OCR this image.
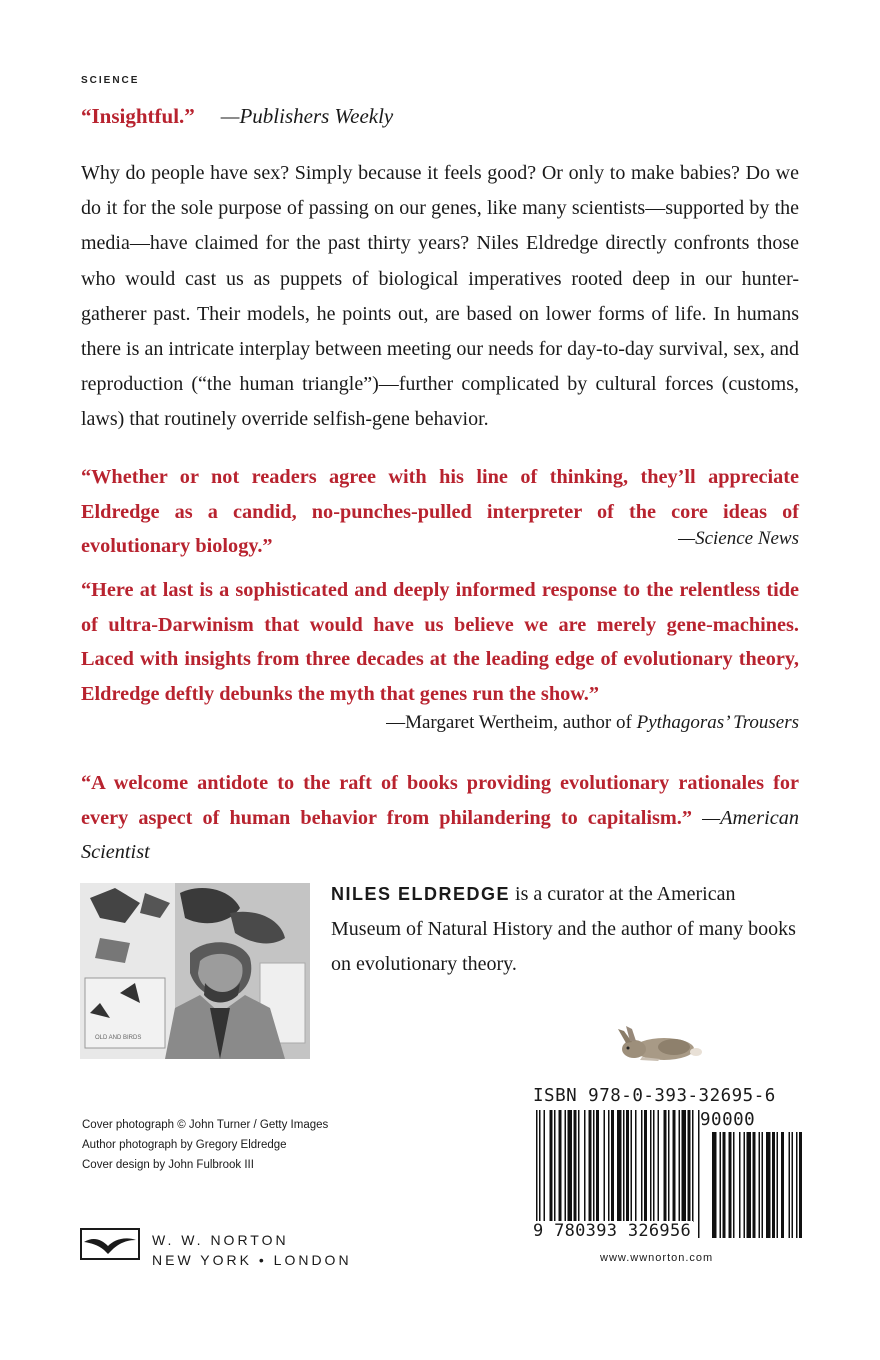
SCIENCE
“Insightful.” —Publishers Weekly

Why do people have sex? Simply because it feels good? Or only to make babies? Do we do it for the sole purpose of passing on our genes, like many scientists—supported by the media—have claimed for the past thirty years? Niles Eldredge directly confronts those who would cast us as puppets of biological imperatives rooted deep in our hunter-gatherer past. Their models, he points out, are based on lower forms of life. In humans there is an intricate interplay between meeting our needs for day-to-day survival, sex, and reproduction (“the human triangle”)—further complicated by cultural forces (customs, laws) that routinely override selfish-gene behavior.

“Whether or not readers agree with his line of thinking, they’ll appreciate Eldredge as a candid, no-punches-pulled interpreter of the core ideas of evolutionary biology.”	—Science News

“Here at last is a sophisticated and deeply informed response to the relentless tide of ultra-Darwinism that would have us believe we are merely gene-machines. Laced with insights from three decades at the leading edge of evolutionary theory, Eldredge deftly debunks the myth that genes run the show.”

—Margaret Wertheim, author of Pythagoras’ Trousers

“A welcome antidote to the raft of books providing evolutionary rationales for every aspect of human behavior from philandering to capitalism.” —American Scientist

OLD AND BIRDS

NILES ELDREDGE is a curator at the American Museum of Natural History and the author of many books on evolutionary theory.

Cover photograph © John Turner / Getty Images
Author photograph by Gregory Eldredge
Cover design by John Fulbrook III
W. W. NORTON
NEW YORK • LONDON
ISBN 978-0-393-32695-6
90000
9 780393 326956
www.wwnorton.com
